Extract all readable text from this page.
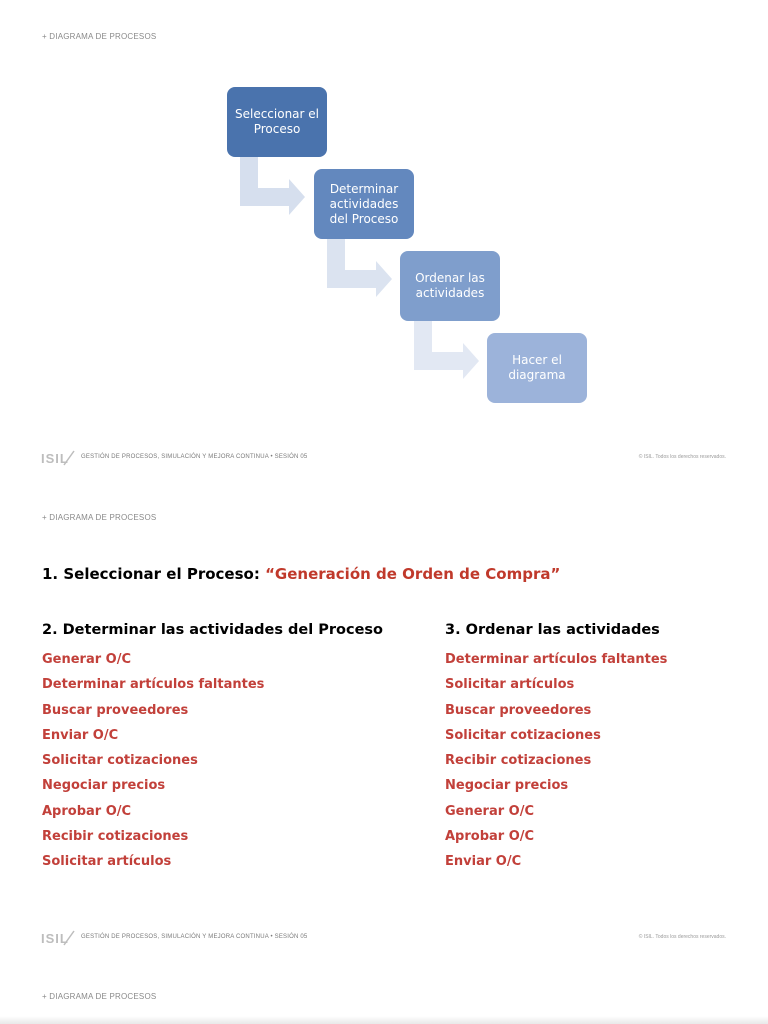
+ DIAGRAMA DE PROCESOS
Seleccionar el Proceso
Determinar actividades del Proceso
Ordenar las actividades
Hacer el diagrama
ISIL GESTIÓN DE PROCESOS, SIMULACIÓN Y MEJORA CONTINUA • SESIÓN 05	© ISIL. Todos los derechos reservados.
+ DIAGRAMA DE PROCESOS
1. Seleccionar el Proceso: “Generación de Orden de Compra”
2. Determinar las actividades del Proceso
Generar O/C
Determinar artículos faltantes
Buscar proveedores
Enviar O/C
Solicitar cotizaciones
Negociar precios
Aprobar O/C
Recibir cotizaciones
Solicitar artículos
3. Ordenar las actividades
Determinar artículos faltantes
Solicitar artículos
Buscar proveedores
Solicitar cotizaciones
Recibir cotizaciones
Negociar precios
Generar O/C
Aprobar O/C
Enviar O/C
ISIL GESTIÓN DE PROCESOS, SIMULACIÓN Y MEJORA CONTINUA • SESIÓN 05	© ISIL. Todos los derechos reservados.
+ DIAGRAMA DE PROCESOS
